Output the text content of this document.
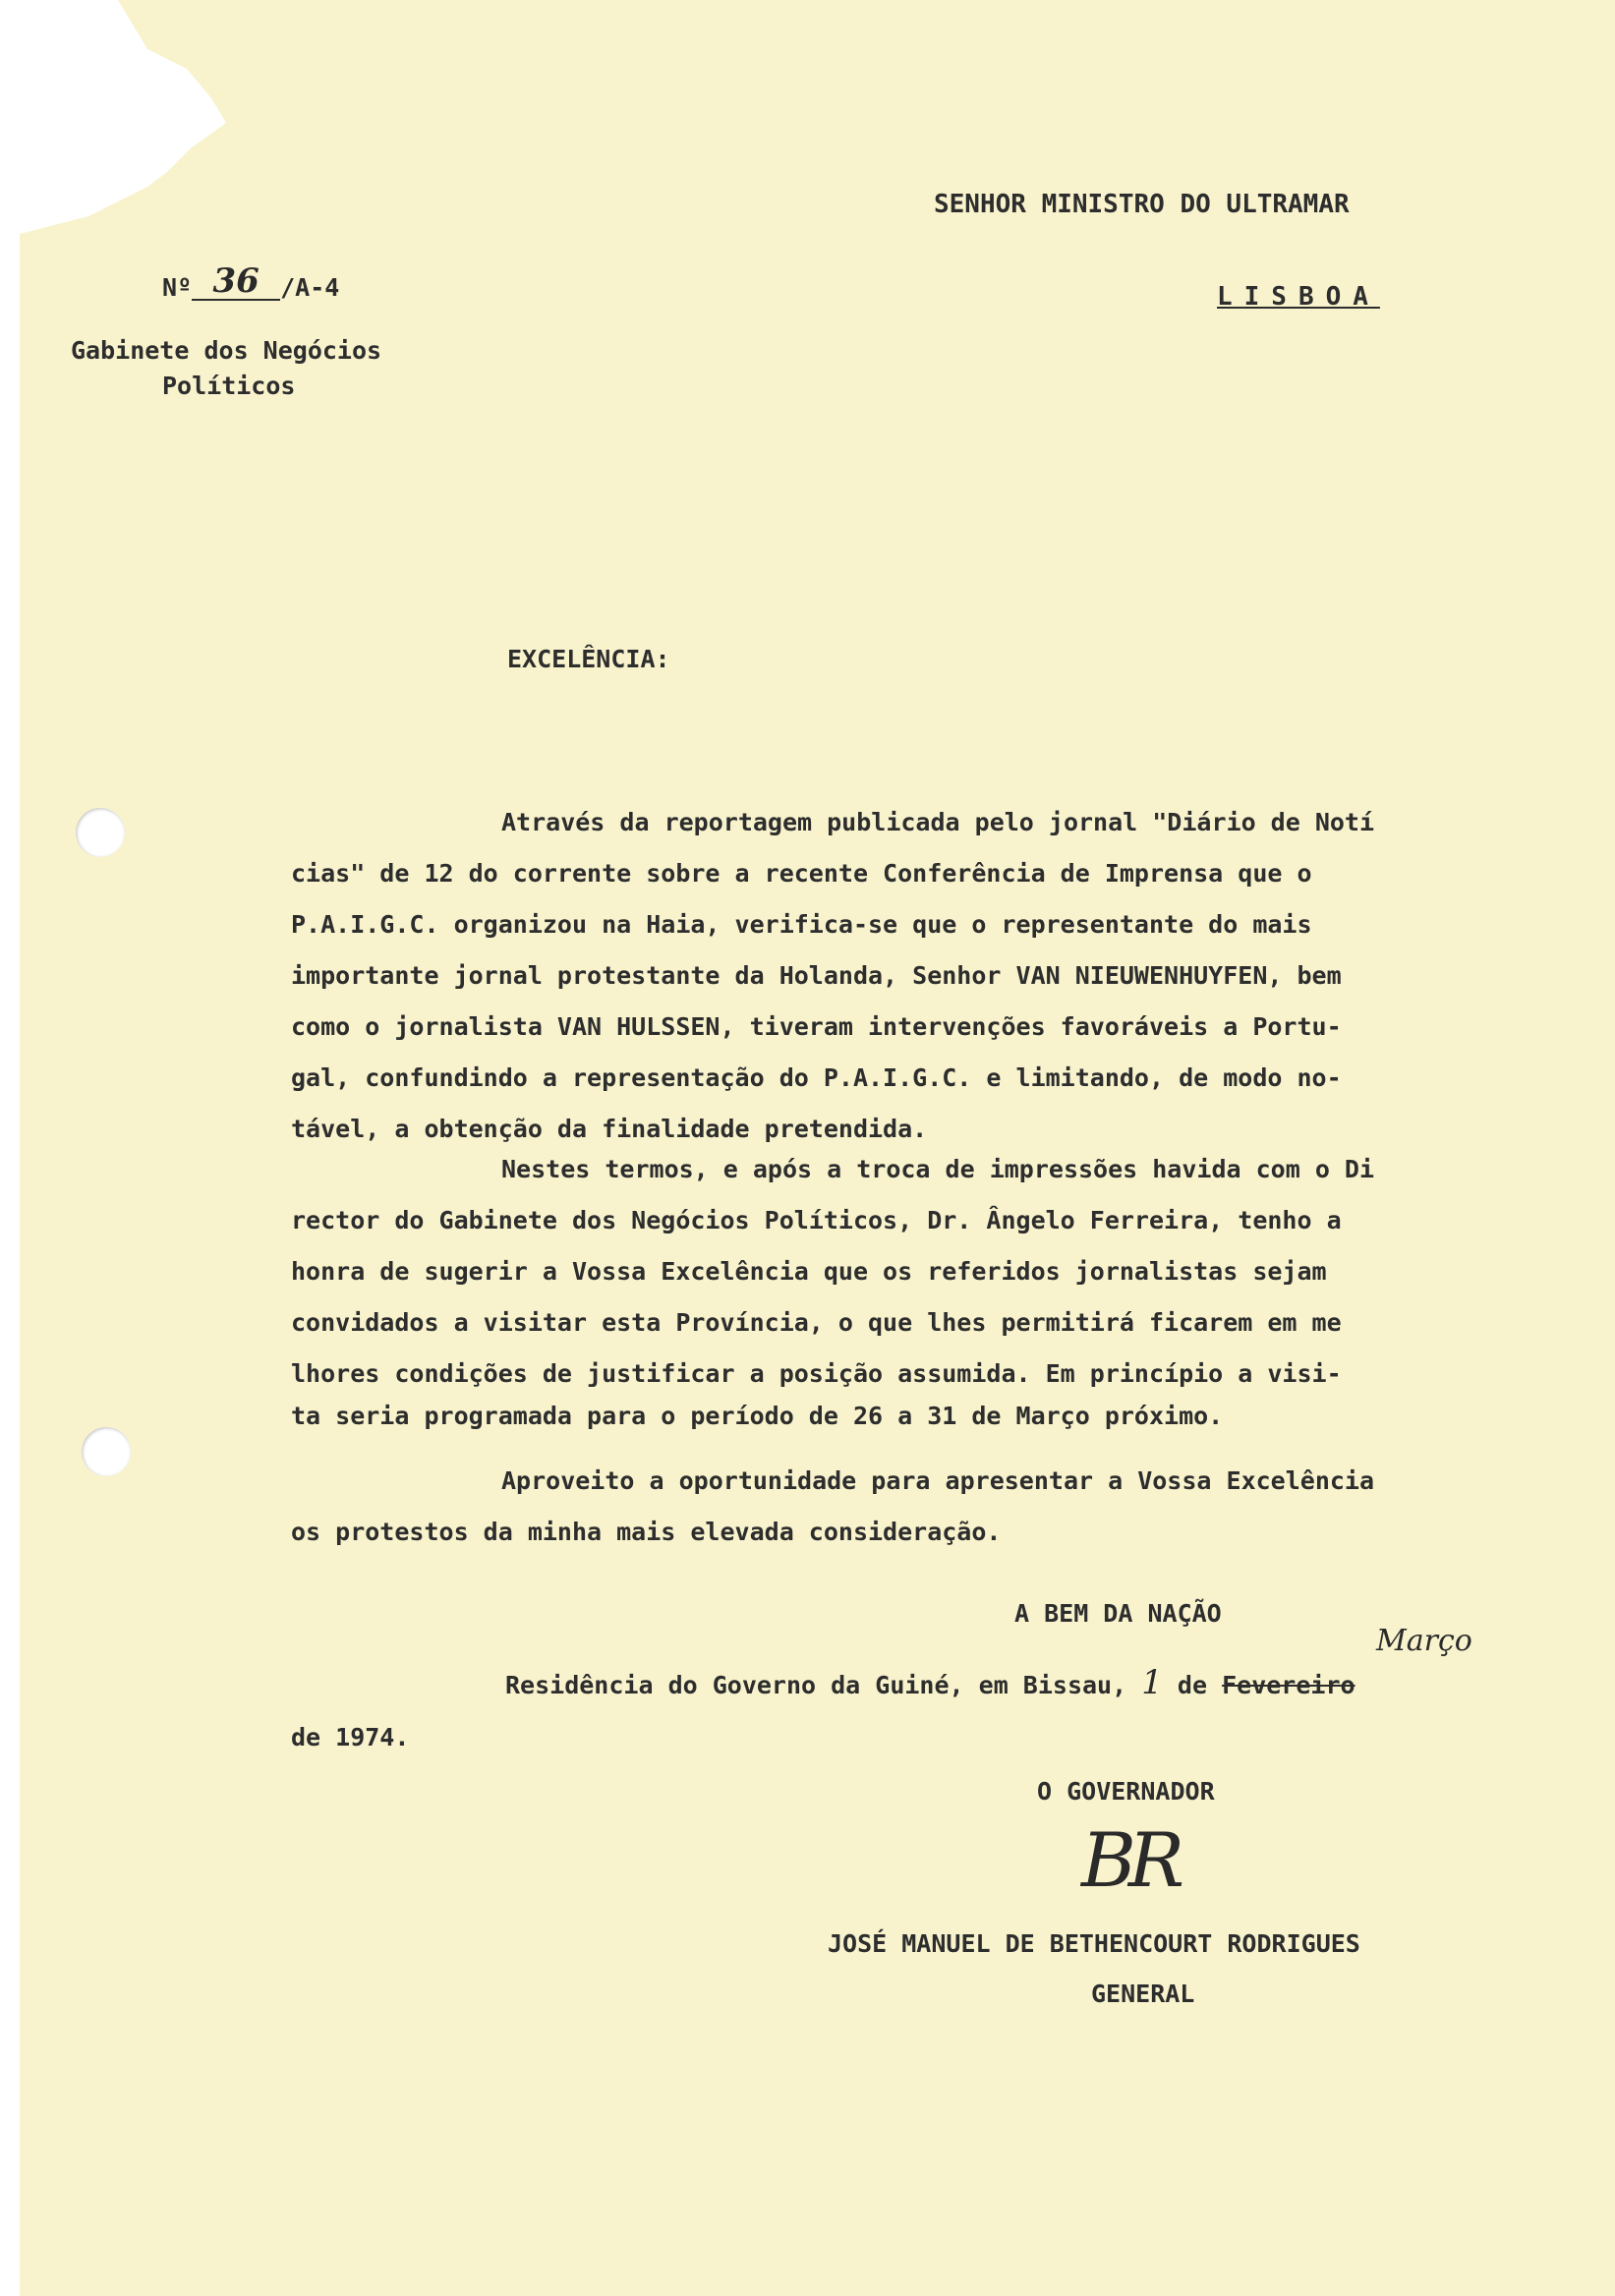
SENHOR MINISTRO DO ULTRAMAR
LISBOA
Nº 36 /A-4
Gabinete dos Negócios
Políticos
EXCELÊNCIA:
Através da reportagem publicada pelo jornal "Diário de Notí
cias" de 12 do corrente sobre a recente Conferência de Imprensa que o
P.A.I.G.C. organizou na Haia, verifica-se que o representante do mais
importante jornal protestante da Holanda, Senhor VAN NIEUWENHUYFEN, bem
como o jornalista VAN HULSSEN, tiveram intervenções favoráveis a Portu-
gal, confundindo a representação do P.A.I.G.C. e limitando, de modo no-
tável, a obtenção da finalidade pretendida.
Nestes termos, e após a troca de impressões havida com o Di
rector do Gabinete dos Negócios Políticos, Dr. Ângelo Ferreira, tenho a
honra de sugerir a Vossa Excelência que os referidos jornalistas sejam
convidados a visitar esta Província, o que lhes permitirá ficarem em me
lhores condições de justificar a posição assumida. Em princípio a visi-
ta seria programada para o período de 26 a 31 de Março próximo.
Aproveito a oportunidade para apresentar a Vossa Excelência
os protestos da minha mais elevada consideração.
A BEM DA NAÇÃO
Março
Residência do Governo da Guiné, em Bissau, 1 de Fevereiro
de 1974.
O GOVERNADOR
BR
JOSÉ MANUEL DE BETHENCOURT RODRIGUES
GENERAL
